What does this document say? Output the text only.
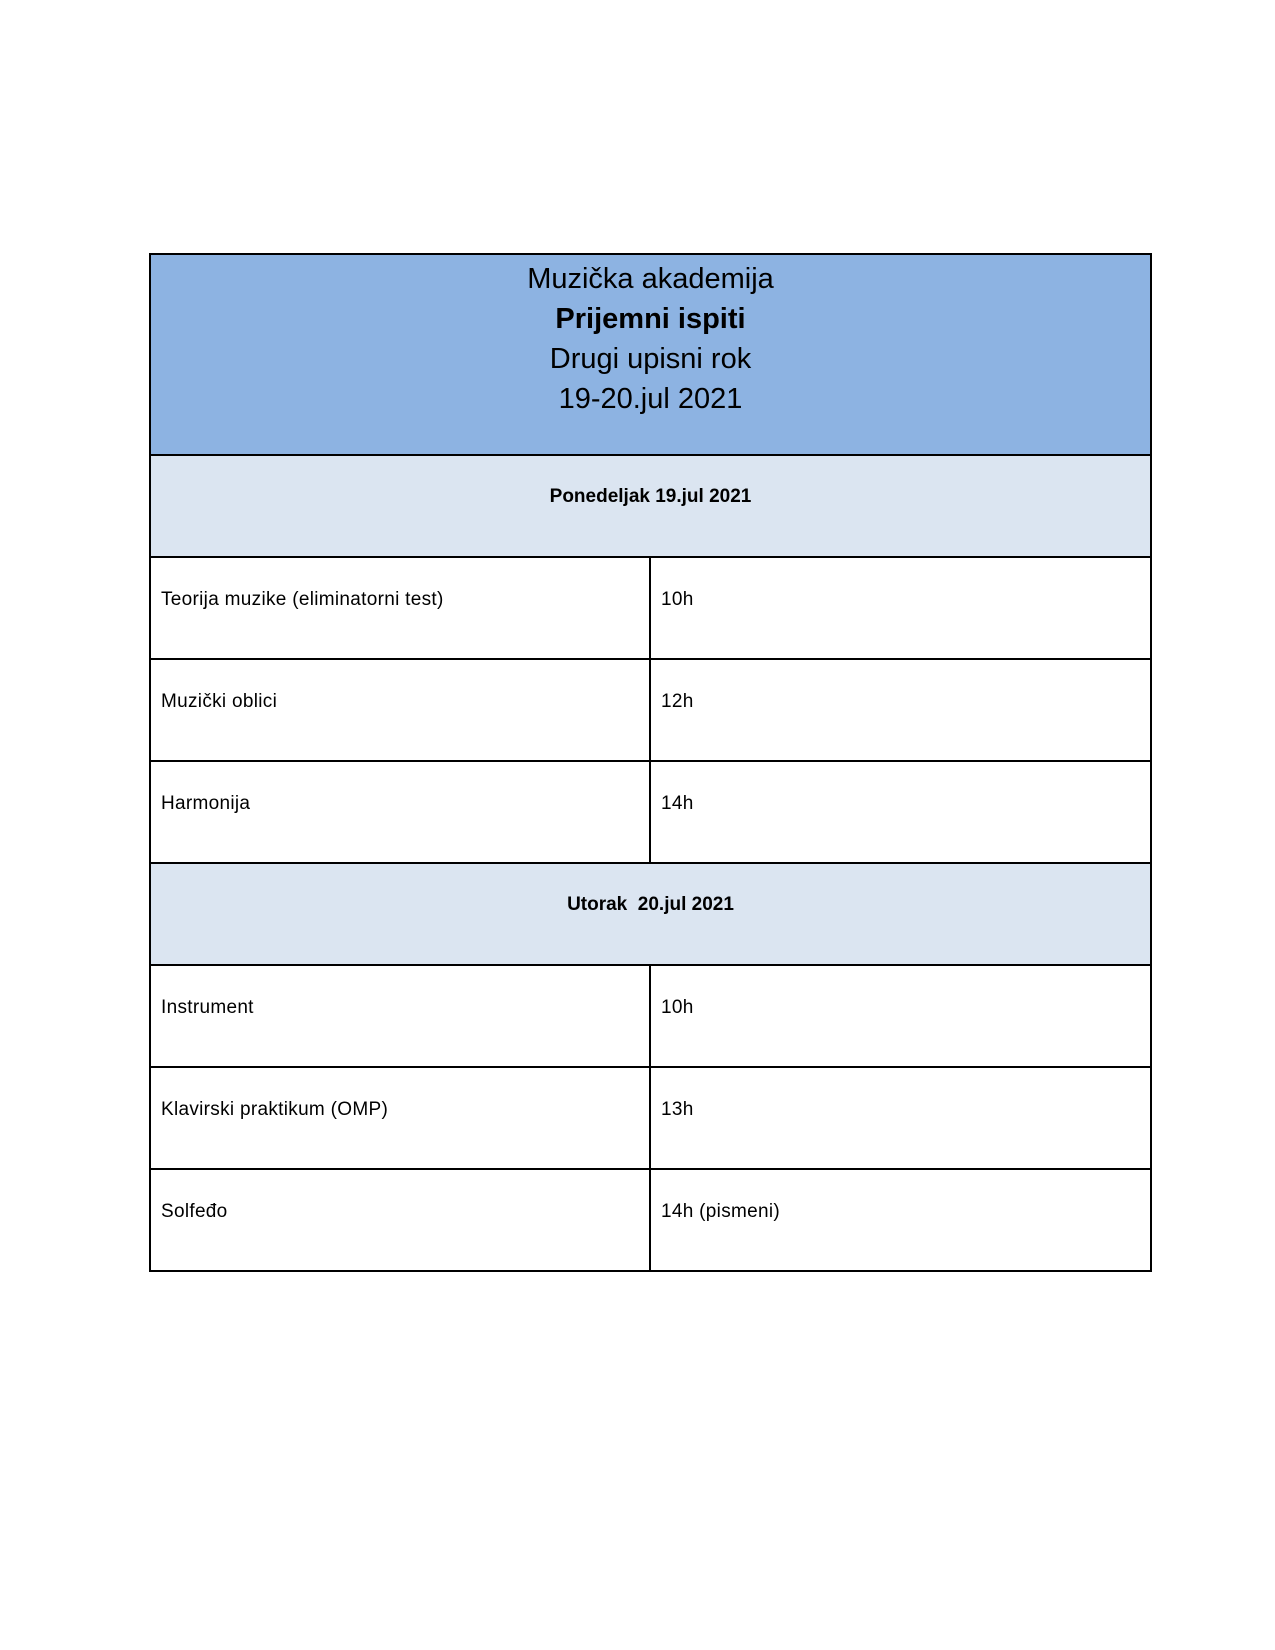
Muzička akademija
Prijemni ispiti
Drugi upisni rok
19-20.jul 2021	

Ponedeljak 19.jul 2021	
Teorija muzike (eliminatorni test)	10h
Muzički oblici	12h
Harmonija	14h
Utorak  20.jul 2021	
Instrument	10h
Klavirski praktikum (OMP)	13h
Solfeđo	14h (pismeni)
